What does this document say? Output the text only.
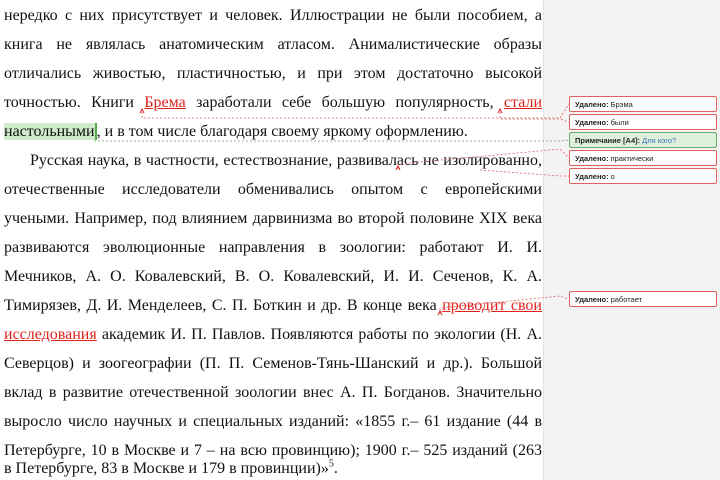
нередко с них присутствует и человек. Иллюстрации не были пособием, а
книга не являлась анатомическим атласом. Анималистические образы
отличались живостью, пластичностью, и при этом достаточно высокой
точностью. Книги Брема заработали себе большую популярность, стали
настольными , и в том числе благодаря своему яркому оформлению.
Русская наука, в частности, естествознание, развивалась не изолированно,
отечественные исследователи обменивались опытом с европейскими
учеными. Например, под влиянием дарвинизма во второй половине XIX века
развиваются эволюционные направления в зоологии: работают И. И.
Мечников, А. О. Ковалевский, В. О. Ковалевский, И. И. Сеченов, К. А.
Тимирязев, Д. И. Менделеев, С. П. Боткин и др. В конце века проводит свои
исследования академик И. П. Павлов. Появляются работы по экологии (Н. А.
Северцов) и зоогеографии (П. П. Семенов-Тянь-Шанский и др.). Большой
вклад в развитие отечественной зоологии внес А. П. Богданов. Значительно
выросло число научных и специальных изданий: «1855 г.– 61 издание (44 в
Петербурге, 10 в Москве и 7 – на всю провинцию); 1900 г.– 525 изданий (263
в Петербурге, 83 в Москве и 179 в провинции)»$^5$.
Удалено: Брэма
Удалено: были
Примечание [А4]: Для кого?
Удалено: практически
Удалено: о
Удалено: работает
